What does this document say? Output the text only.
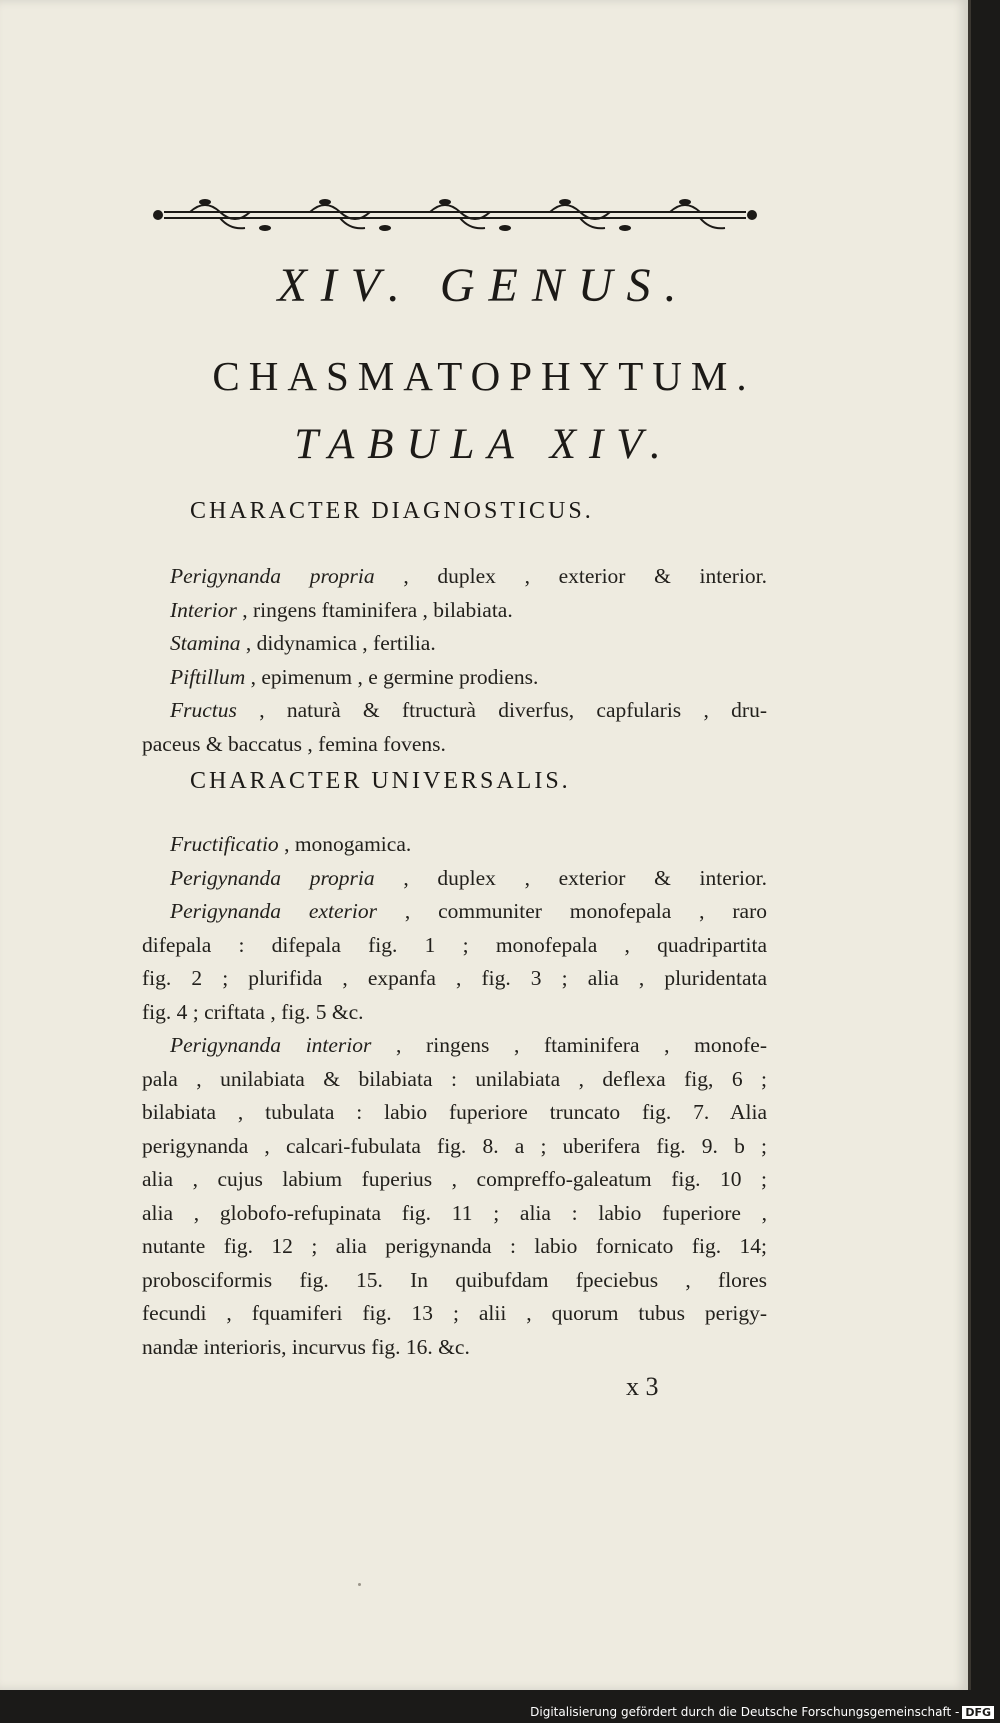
XIV. GENUS.
CHASMATOPHYTUM.
TABULA XIV.
CHARACTER DIAGNOSTICUS.
Perigynanda propria , duplex , exterior & interior.
Interior , ringens ftaminifera , bilabiata.
Stamina , didynamica , fertilia.
Piftillum , epimenum , e germine prodiens.
Fructus , naturà & ftructurà diverfus, capfularis , dru-
paceus & baccatus , femina fovens.
CHARACTER UNIVERSALIS.
Fructificatio , monogamica.
Perigynanda propria , duplex , exterior & interior.
Perigynanda exterior , communiter monofepala , raro
difepala : difepala fig. 1 ; monofepala , quadripartita
fig. 2 ; plurifida , expanfa , fig. 3 ; alia , pluridentata
fig. 4 ; criftata , fig. 5 &c.
Perigynanda interior , ringens , ftaminifera , monofe-
pala , unilabiata & bilabiata : unilabiata , deflexa fig, 6 ;
bilabiata , tubulata : labio fuperiore truncato fig. 7. Alia
perigynanda , calcari-fubulata fig. 8. a ; uberifera fig. 9. b ;
alia , cujus labium fuperius , compreffo-galeatum fig. 10 ;
alia , globofo-refupinata fig. 11 ; alia : labio fuperiore ,
nutante fig. 12 ; alia perigynanda : labio fornicato fig. 14;
probosciformis fig. 15. In quibufdam fpeciebus , flores
fecundi , fquamiferi fig. 13 ; alii , quorum tubus perigy-
nandæ interioris, incurvus fig. 16. &c.
x 3
Digitalisierung gefördert durch die Deutsche Forschungsgemeinschaft - DFG
